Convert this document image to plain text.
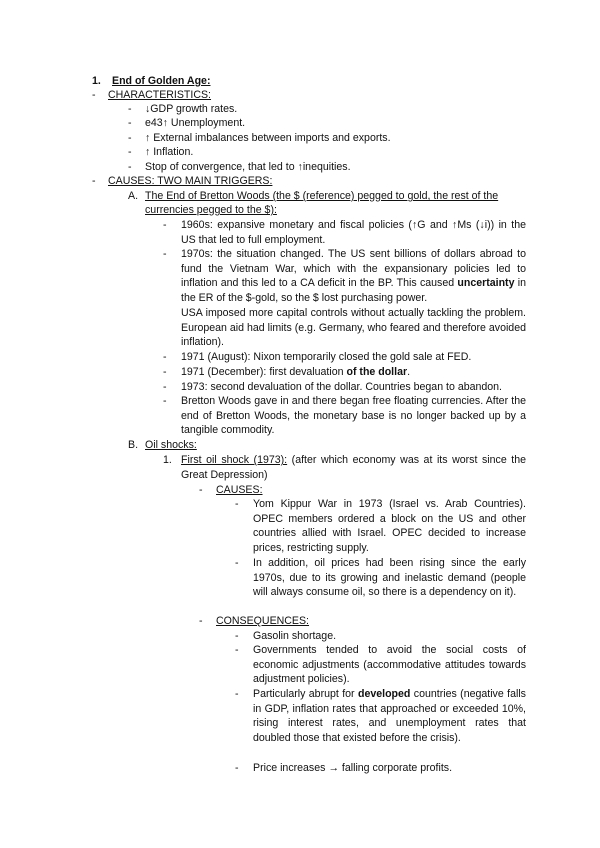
1. End of Golden Age:
- CHARACTERISTICS:
- ↓GDP growth rates.
- e43↑ Unemployment.
- ↑ External imbalances between imports and exports.
- ↑ Inflation.
- Stop of convergence, that led to ↑inequities.
- CAUSES: TWO MAIN TRIGGERS:
A. The End of Bretton Woods (the $ (reference) pegged to gold, the rest of the
currencies pegged to the $):
- 1960s: expansive monetary and fiscal policies (↑G and ↑Ms (↓i)) in the US that led to full employment.
- 1970s: the situation changed. The US sent billions of dollars abroad to fund the Vietnam War, which with the expansionary policies led to inflation and this led to a CA deficit in the BP. This caused uncertainty in the ER of the $-gold, so the $ lost purchasing power.
USA imposed more capital controls without actually tackling the problem. European aid had limits (e.g. Germany, who feared and therefore avoided inflation).
- 1971 (August): Nixon temporarily closed the gold sale at FED.
- 1971 (December): first devaluation of the dollar.
- 1973: second devaluation of the dollar. Countries began to abandon.
- Bretton Woods gave in and there began free floating currencies. After the end of Bretton Woods, the monetary base is no longer backed up by a tangible commodity.
B. Oil shocks:
1. First oil shock (1973): (after which economy was at its worst since the Great Depression)
- CAUSES:
- Yom Kippur War in 1973 (Israel vs. Arab Countries). OPEC members ordered a block on the US and other countries allied with Israel. OPEC decided to increase prices, restricting supply.
- In addition, oil prices had been rising since the early 1970s, due to its growing and inelastic demand (people will always consume oil, so there is a dependency on it).
- CONSEQUENCES:
- Gasolin shortage.
- Governments tended to avoid the social costs of economic adjustments (accommodative attitudes towards adjustment policies).
- Particularly abrupt for developed countries (negative falls in GDP, inflation rates that approached or exceeded 10%, rising interest rates, and unemployment rates that doubled those that existed before the crisis).
- Price increases → falling corporate profits.
